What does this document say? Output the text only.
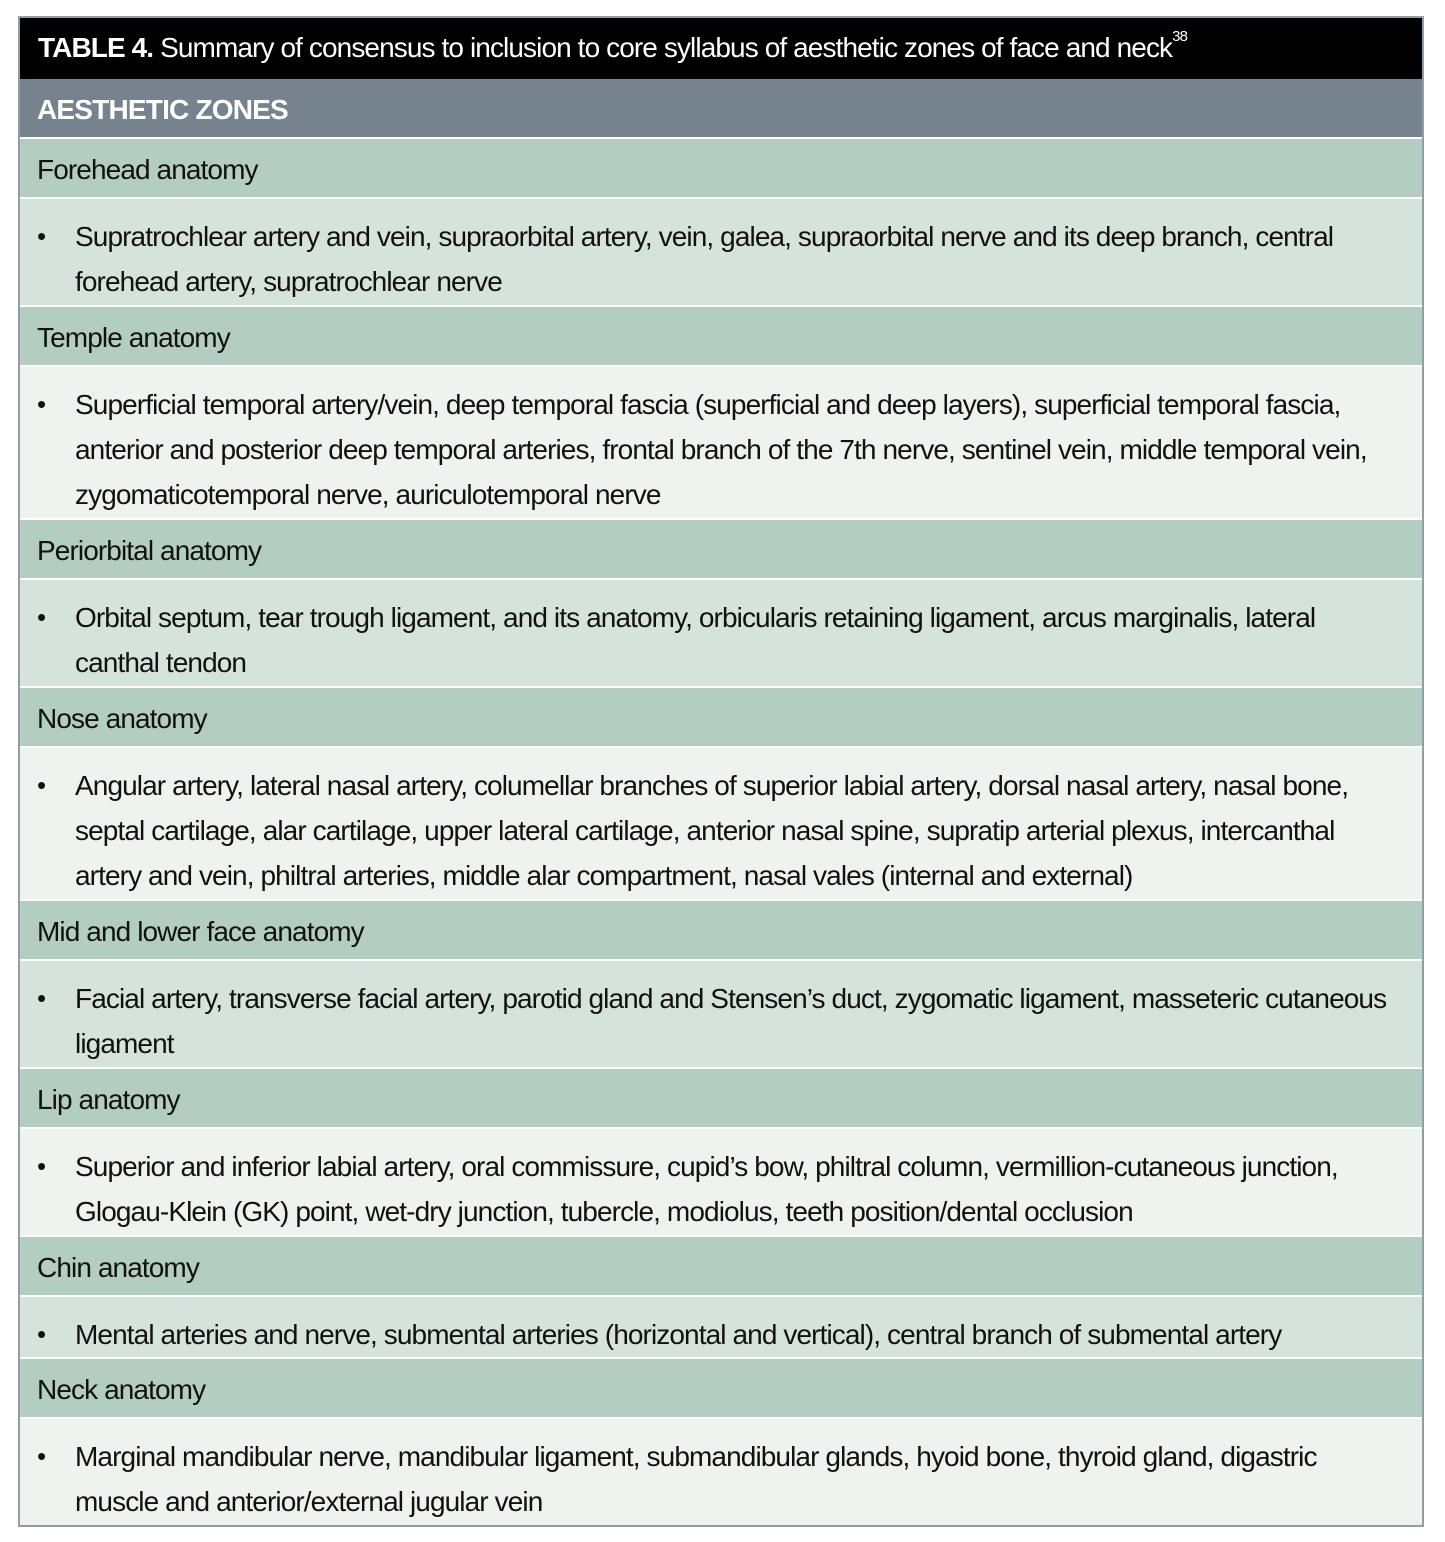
TABLE 4. Summary of consensus to inclusion to core syllabus of aesthetic zones of face and neck$^{38}$
AESTHETIC ZONES
Forehead anatomy
•	Supratrochlear artery and vein, supraorbital artery, vein, galea, supraorbital nerve and its deep branch, central forehead artery, supratrochlear nerve
Temple anatomy
•	Superficial temporal artery/vein, deep temporal fascia (superficial and deep layers), superficial temporal fascia, anterior and posterior deep temporal arteries, frontal branch of the 7th nerve, sentinel vein, middle temporal vein, zygomaticotemporal nerve, auriculotemporal nerve
Periorbital anatomy
•	Orbital septum, tear trough ligament, and its anatomy, orbicularis retaining ligament, arcus marginalis, lateral canthal tendon
Nose anatomy
•	Angular artery, lateral nasal artery, columellar branches of superior labial artery, dorsal nasal artery, nasal bone, septal cartilage, alar cartilage, upper lateral cartilage, anterior nasal spine, supratip arterial plexus, intercanthal artery and vein, philtral arteries, middle alar compartment, nasal vales (internal and external)
Mid and lower face anatomy
•	Facial artery, transverse facial artery, parotid gland and Stensen’s duct, zygomatic ligament, masseteric cutaneous ligament
Lip anatomy
•	Superior and inferior labial artery, oral commissure, cupid’s bow, philtral column, vermillion-cutaneous junction, Glogau-Klein (GK) point, wet-dry junction, tubercle, modiolus, teeth position/dental occlusion
Chin anatomy
•	Mental arteries and nerve, submental arteries (horizontal and vertical), central branch of submental artery
Neck anatomy
•	Marginal mandibular nerve, mandibular ligament, submandibular glands, hyoid bone, thyroid gland, digastric muscle and anterior/external jugular vein
